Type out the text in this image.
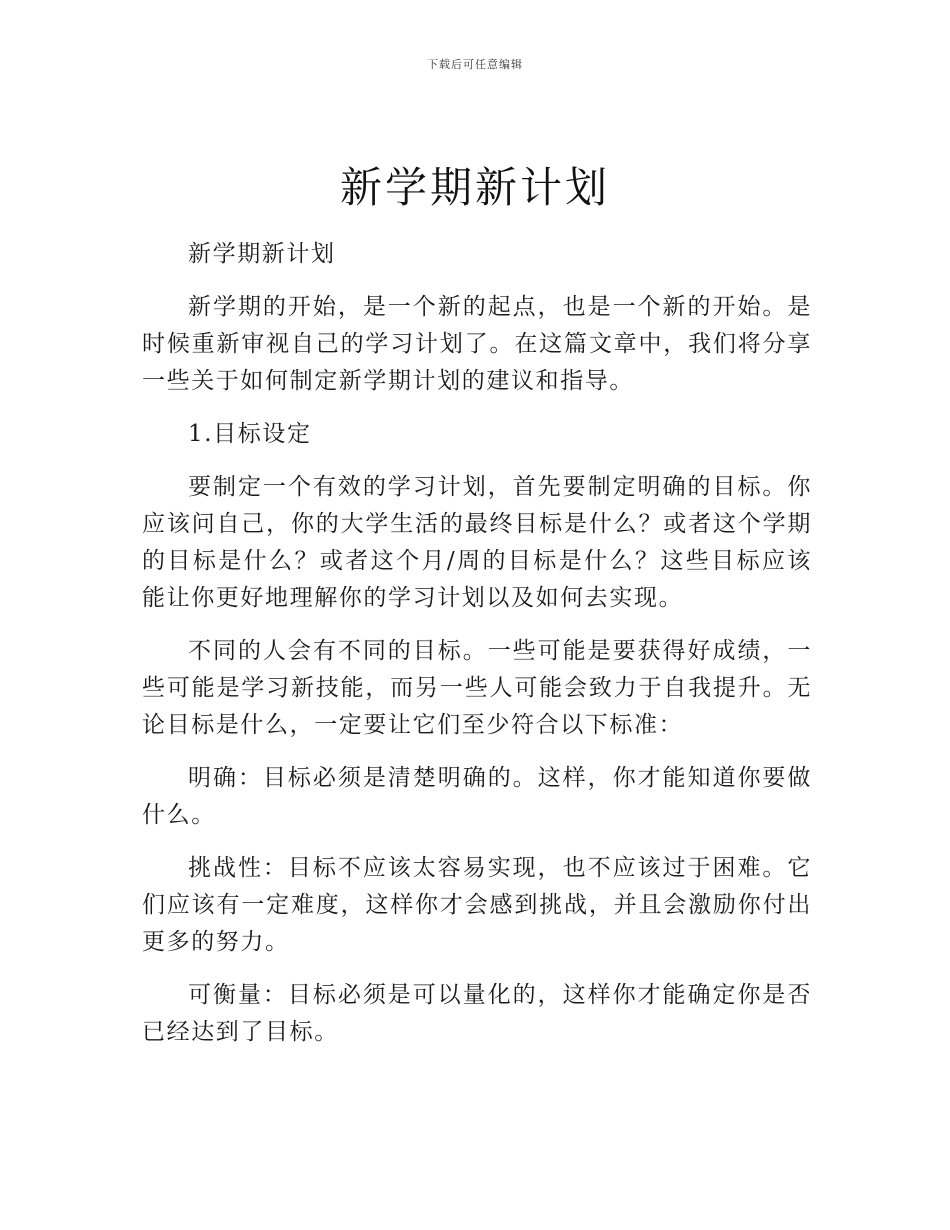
下载后可任意编辑
新学期新计划

新学期新计划

新学期的开始，是一个新的起点，也是一个新的开始。是时候重新审视自己的学习计划了。在这篇文章中，我们将分享一些关于如何制定新学期计划的建议和指导。

1.目标设定

要制定一个有效的学习计划，首先要制定明确的目标。你应该问自己，你的大学生活的最终目标是什么？或者这个学期的目标是什么？或者这个月/周的目标是什么？这些目标应该能让你更好地理解你的学习计划以及如何去实现。

不同的人会有不同的目标。一些可能是要获得好成绩，一些可能是学习新技能，而另一些人可能会致力于自我提升。无论目标是什么，一定要让它们至少符合以下标准：

明确：目标必须是清楚明确的。这样，你才能知道你要做什么。

挑战性：目标不应该太容易实现，也不应该过于困难。它们应该有一定难度，这样你才会感到挑战，并且会激励你付出更多的努力。

可衡量：目标必须是可以量化的，这样你才能确定你是否已经达到了目标。
